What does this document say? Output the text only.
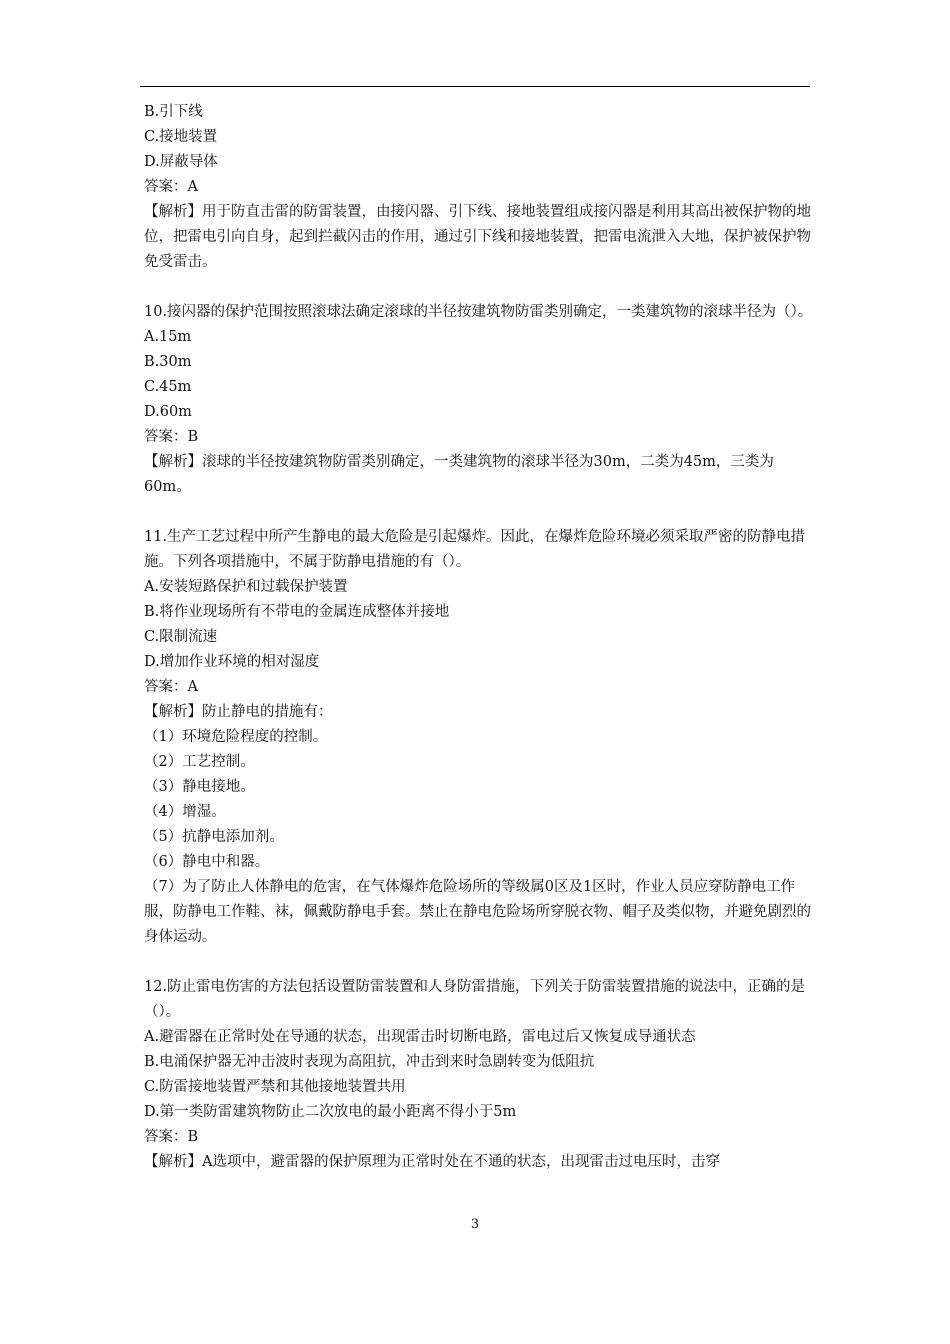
B.引下线
C.接地装置
D.屏蔽导体
答案：A
【解析】用于防直击雷的防雷装置，由接闪器、引下线、接地装置组成接闪器是利用其高出被保护物的地位，把雷电引向自身，起到拦截闪击的作用，通过引下线和接地装置，把雷电流泄入大地，保护被保护物免受雷击。
10.接闪器的保护范围按照滚球法确定滚球的半径按建筑物防雷类别确定，一类建筑物的滚球半径为（）。
A.15m
B.30m
C.45m
D.60m
答案：B
【解析】滚球的半径按建筑物防雷类别确定，一类建筑物的滚球半径为30m，二类为45m，三类为60m。
11.生产工艺过程中所产生静电的最大危险是引起爆炸。因此，在爆炸危险环境必须采取严密的防静电措施。下列各项措施中，不属于防静电措施的有（）。
A.安装短路保护和过载保护装置
B.将作业现场所有不带电的金属连成整体并接地
C.限制流速
D.增加作业环境的相对湿度
答案：A
【解析】防止静电的措施有：
（1）环境危险程度的控制。
（2）工艺控制。
（3）静电接地。
（4）增湿。
（5）抗静电添加剂。
（6）静电中和器。
（7）为了防止人体静电的危害，在气体爆炸危险场所的等级属0区及1区时，作业人员应穿防静电工作服，防静电工作鞋、袜，佩戴防静电手套。禁止在静电危险场所穿脱衣物、帽子及类似物，并避免剧烈的身体运动。
12.防止雷电伤害的方法包括设置防雷装置和人身防雷措施，下列关于防雷装置措施的说法中，正确的是（）。
A.避雷器在正常时处在导通的状态，出现雷击时切断电路，雷电过后又恢复成导通状态
B.电涌保护器无冲击波时表现为高阻抗，冲击到来时急剧转变为低阻抗
C.防雷接地装置严禁和其他接地装置共用
D.第一类防雷建筑物防止二次放电的最小距离不得小于5m
答案：B
【解析】A选项中，避雷器的保护原理为正常时处在不通的状态，出现雷击过电压时，击穿
3
